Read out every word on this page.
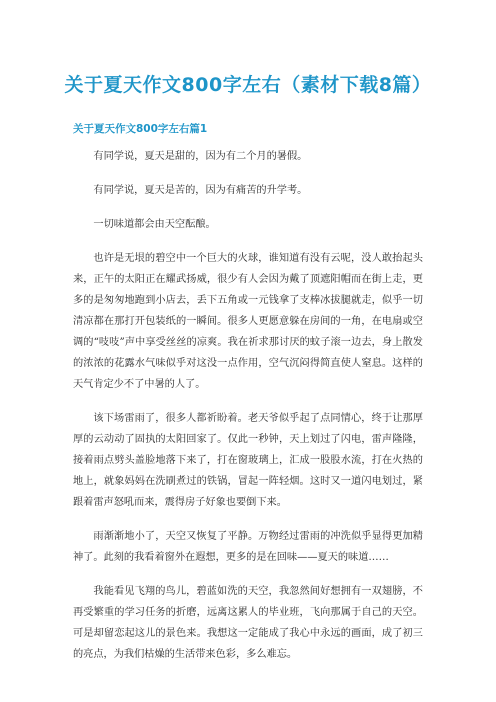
关于夏天作文800字左右（素材下载8篇）
关于夏天作文800字左右篇1

有同学说，夏天是甜的，因为有二个月的暑假。

有同学说，夏天是苦的，因为有痛苦的升学考。

一切味道都会由天空酝酿。

也许是无垠的碧空中一个巨大的火球，谁知道有没有云呢，没人敢抬起头来，正午的太阳正在耀武扬威，很少有人会因为戴了顶遮阳帽而在街上走，更多的是匆匆地跑到小店去，丢下五角或一元钱拿了支棒冰拔腿就走，似乎一切清凉都在那打开包装纸的一瞬间。很多人更愿意躲在房间的一角，在电扇或空调的“吱吱”声中享受丝丝的凉爽。我在祈求那讨厌的蚊子滚一边去，身上散发的浓浓的花露水气味似乎对这没一点作用，空气沉闷得简直使人窒息。这样的天气肯定少不了中暑的人了。

该下场雷雨了，很多人都祈盼着。老天爷似乎起了点同情心，终于让那厚厚的云动动了固执的太阳回家了。仅此一秒钟，天上划过了闪电，雷声隆隆，接着雨点劈头盖脸地落下来了，打在窗玻璃上，汇成一股股水流，打在火热的地上，就象妈妈在洗刷煮过的铁锅，冒起一阵轻烟。这时又一道闪电划过，紧跟着雷声怒吼而来，震得房子好象也要倒下来。

雨渐渐地小了，天空又恢复了平静。万物经过雷雨的冲洗似乎显得更加精神了。此刻的我看着窗外在遐想，更多的是在回味——夏天的味道……

我能看见飞翔的鸟儿，碧蓝如洗的天空，我忽然间好想拥有一双翅膀，不再受繁重的学习任务的折磨，远离这累人的毕业班，飞向那属于自己的天空。可是却留恋起这儿的景色来。我想这一定能成了我心中永远的画面，成了初三的亮点，为我们枯燥的生活带来色彩，多么难忘。
